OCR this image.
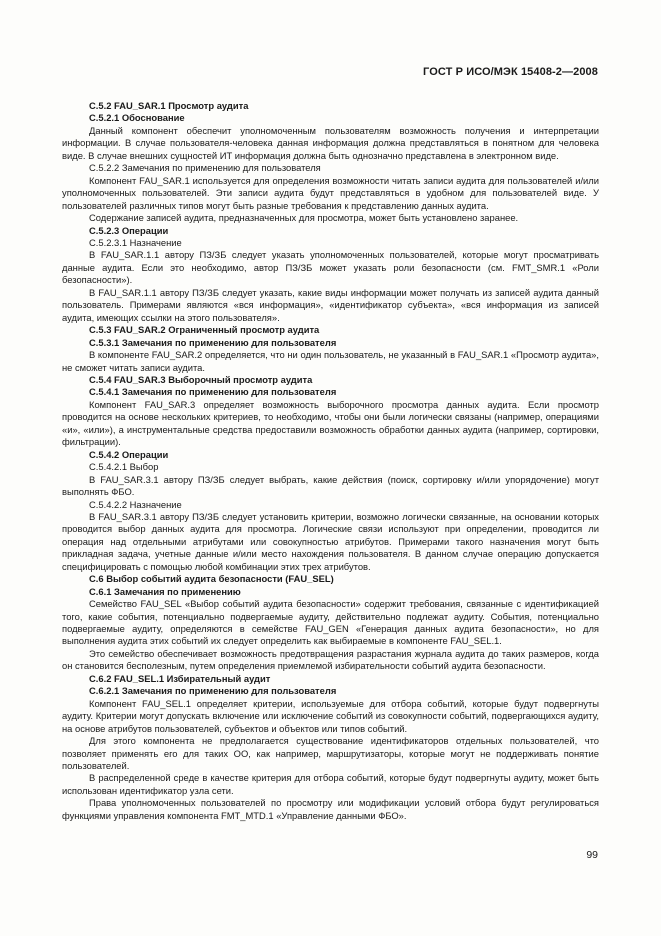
ГОСТ Р ИСО/МЭК 15408-2—2008

C.5.2 FAU_SAR.1 Просмотр аудита

C.5.2.1 Обоснование

Данный компонент обеспечит уполномоченным пользователям возможность получения и интерпретации информации. В случае пользователя-человека данная информация должна представляться в понятном для человека виде. В случае внешних сущностей ИТ информация должна быть однозначно представлена в электронном виде.

C.5.2.2 Замечания по применению для пользователя

Компонент FAU_SAR.1 используется для определения возможности читать записи аудита для пользователей и/или уполномоченных пользователей. Эти записи аудита будут представляться в удобном для пользователей виде. У пользователей различных типов могут быть разные требования к представлению данных аудита.

Содержание записей аудита, предназначенных для просмотра, может быть установлено заранее.

C.5.2.3 Операции

C.5.2.3.1 Назначение

В FAU_SAR.1.1 автору ПЗ/ЗБ следует указать уполномоченных пользователей, которые могут просматривать данные аудита. Если это необходимо, автор ПЗ/ЗБ может указать роли безопасности (см. FMT_SMR.1 «Роли безопасности»).

В FAU_SAR.1.1 автору ПЗ/ЗБ следует указать, какие виды информации может получать из записей аудита данный пользователь. Примерами являются «вся информация», «идентификатор субъекта», «вся информация из записей аудита, имеющих ссылки на этого пользователя».

C.5.3 FAU_SAR.2 Ограниченный просмотр аудита

C.5.3.1 Замечания по применению для пользователя

В компоненте FAU_SAR.2 определяется, что ни один пользователь, не указанный в FAU_SAR.1 «Просмотр аудита», не сможет читать записи аудита.

C.5.4 FAU_SAR.3 Выборочный просмотр аудита

C.5.4.1 Замечания по применению для пользователя

Компонент FAU_SAR.3 определяет возможность выборочного просмотра данных аудита. Если просмотр проводится на основе нескольких критериев, то необходимо, чтобы они были логически связаны (например, операциями «и», «или»), а инструментальные средства предоставили возможность обработки данных аудита (например, сортировки, фильтрации).

C.5.4.2 Операции

C.5.4.2.1 Выбор

В FAU_SAR.3.1 автору ПЗ/ЗБ следует выбрать, какие действия (поиск, сортировку и/или упорядочение) могут выполнять ФБО.

C.5.4.2.2 Назначение

В FAU_SAR.3.1 автору ПЗ/ЗБ следует установить критерии, возможно логически связанные, на основании которых проводится выбор данных аудита для просмотра. Логические связи используют при определении, проводится ли операция над отдельными атрибутами или совокупностью атрибутов. Примерами такого назначения могут быть прикладная задача, учетные данные и/или место нахождения пользователя. В данном случае операцию допускается специфицировать с помощью любой комбинации этих трех атрибутов.

C.6 Выбор событий аудита безопасности (FAU_SEL)

C.6.1 Замечания по применению

Семейство FAU_SEL «Выбор событий аудита безопасности» содержит требования, связанные с идентификацией того, какие события, потенциально подвергаемые аудиту, действительно подлежат аудиту. События, потенциально подвергаемые аудиту, определяются в семействе FAU_GEN «Генерация данных аудита безопасности», но для выполнения аудита этих событий их следует определить как выбираемые в компоненте FAU_SEL.1.

Это семейство обеспечивает возможность предотвращения разрастания журнала аудита до таких размеров, когда он становится бесполезным, путем определения приемлемой избирательности событий аудита безопасности.

C.6.2 FAU_SEL.1 Избирательный аудит

C.6.2.1 Замечания по применению для пользователя

Компонент FAU_SEL.1 определяет критерии, используемые для отбора событий, которые будут подвергнуты аудиту. Критерии могут допускать включение или исключение событий из совокупности событий, подвергающихся аудиту, на основе атрибутов пользователей, субъектов и объектов или типов событий.

Для этого компонента не предполагается существование идентификаторов отдельных пользователей, что позволяет применять его для таких ОО, как например, маршрутизаторы, которые могут не поддерживать понятие пользователей.

В распределенной среде в качестве критерия для отбора событий, которые будут подвергнуты аудиту, может быть использован идентификатор узла сети.

Права уполномоченных пользователей по просмотру или модификации условий отбора будут регулироваться функциями управления компонента FMT_MTD.1 «Управление данными ФБО».

99
